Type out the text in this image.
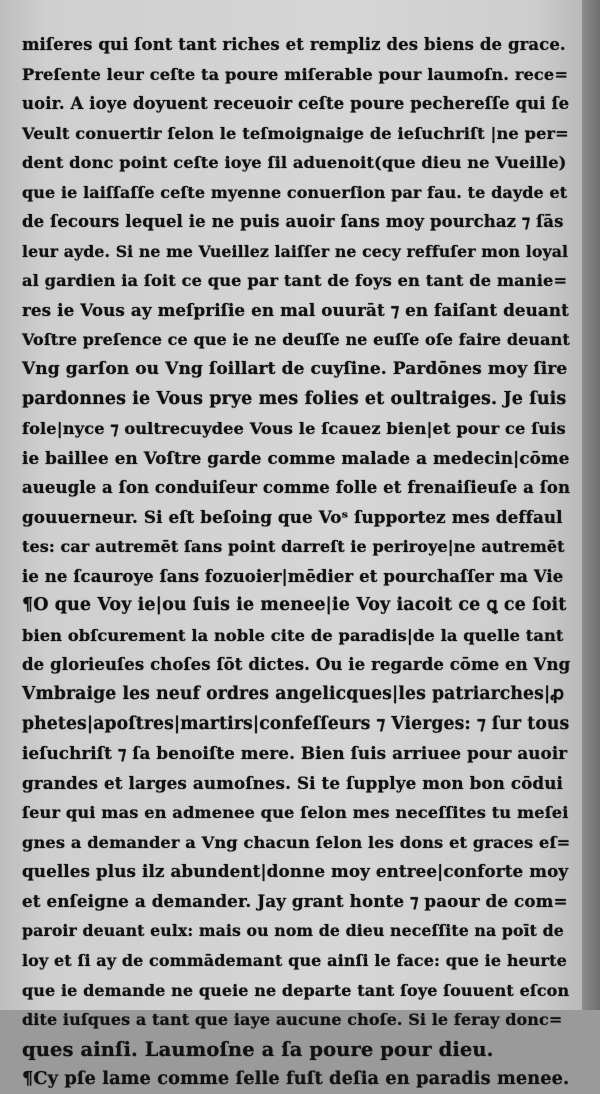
miſeres qui ſont tant riches et rempliz des biens de grace.
Preſente leur ceſte ta poure miſerable pour laumoſn. rece=
uoir. A ioye doyuent receuoir ceſte poure pechereſſe qui ſe
Veult conuertir ſelon le teſmoignaige de ieſuchriſt |ne per=
dent donc point ceſte ioye ſil aduenoit(que dieu ne Vueille)
que ie laiſſaſſe ceſte myenne conuerſion par fau. te dayde et
de ſecours lequel ie ne puis auoir ſans moy pourchaz ⁊ ſās
leur ayde. Si ne me Vueillez laiſſer ne cecy reffuſer mon loyal
al gardien ia ſoit ce que par tant de foys en tant de manie=
res ie Vous ay meſpriſie en mal ouurāt ⁊ en faiſant deuant
Voſtre preſence ce que ie ne deuſſe ne euſſe oſe faire deuant
Vng garſon ou Vng ſoillart de cuyſine. Pardōnes moy ſire
pardonnes ie Vous prye mes folies et oultraiges. Je ſuis
fole|nyce ⁊ oultrecuydee Vous le ſcauez bien|et pour ce ſuis
ie baillee en Voſtre garde comme malade a medecin|cōme
aueugle a ſon conduiſeur comme folle et frenaiſieuſe a ſon
gouuerneur. Si eſt beſoing que Voˢ ſupportez mes deffaul
tes: car autremēt ſans point darreſt ie periroye|ne autremēt
ie ne ſcauroye ſans fozuoier|mēdier et pourchaſſer ma Vie
¶O que Voy ie|ou ſuis ie menee|ie Voy iacoit ce ꝗ ce ſoit
bien obſcurement la noble cite de paradis|de la quelle tant
de glorieuſes choſes ſōt dictes. Ou ie regarde cōme en Vng
Vmbraige les neuf ordres angelicques|les patriarches|ꝓ
phetes|apoſtres|martirs|confeſſeurs ⁊ Vierges: ⁊ ſur tous
ieſuchriſt ⁊ ſa benoiſte mere. Bien ſuis arriuee pour auoir
grandes et larges aumoſnes. Si te ſupplye mon bon cōdui
ſeur qui mas en admenee que ſelon mes neceſſites tu meſei
gnes a demander a Vng chacun ſelon les dons et graces eſ=
quelles plus ilz abundent|donne moy entree|conforte moy
et enſeigne a demander. Jay grant honte ⁊ paour de com=
paroir deuant eulx: mais ou nom de dieu neceſſite na poīt de
loy et ſi ay de commādemant que ainſi le face: que ie heurte
que ie demande ne queie ne departe tant ſoye ſouuent eſcon
dite iuſques a tant que iaye aucune choſe. Si le feray donc=
ques ainſi. Laumoſne a ſa poure pour dieu.
¶Cy pſe lame comme ſelle fuſt deſia en paradis menee.
